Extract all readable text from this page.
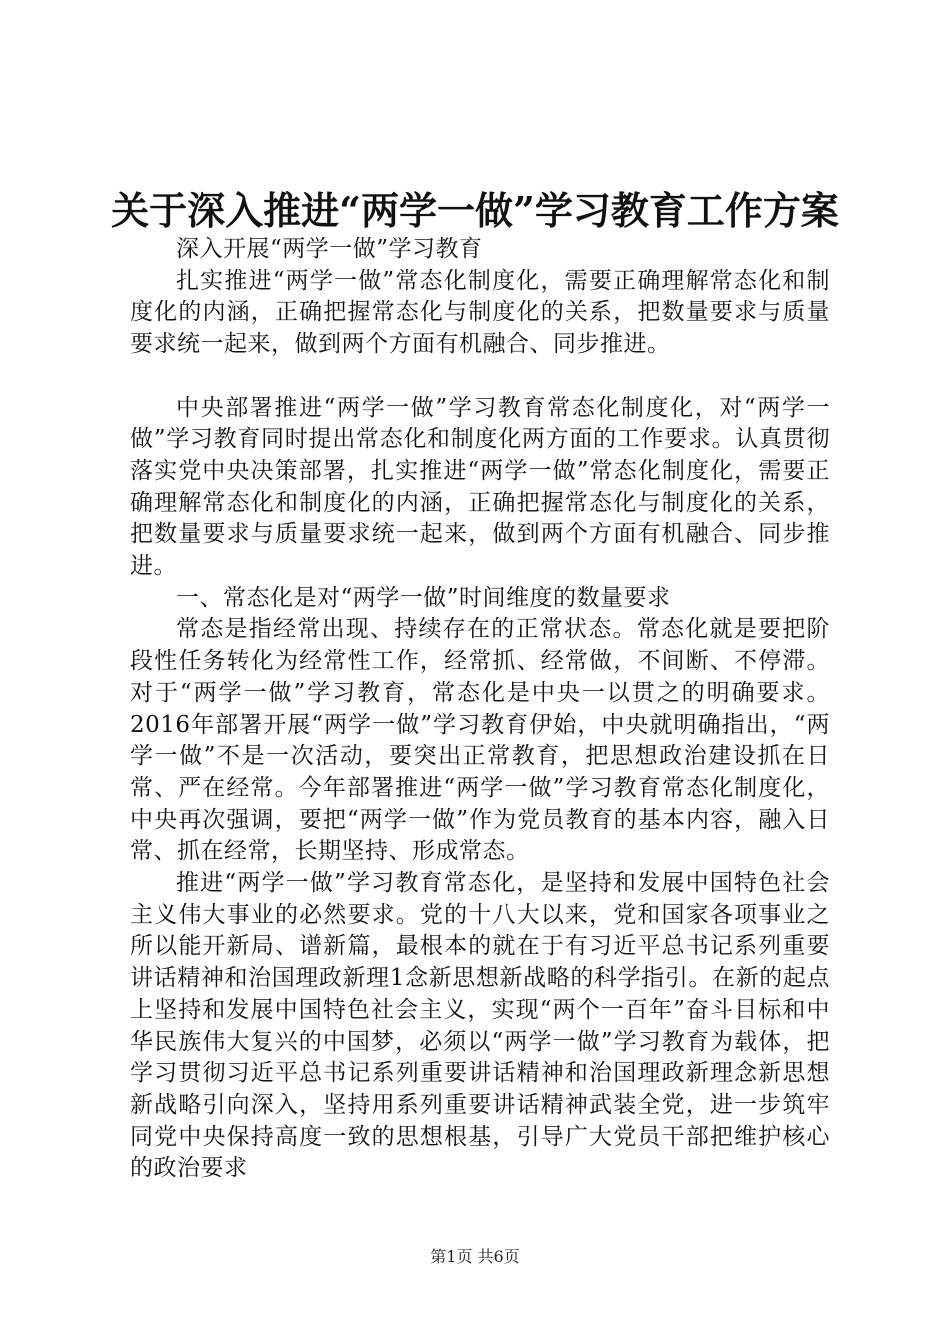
关于深入推进“两学一做”学习教育工作方案

深入开展“两学一做”学习教育

扎实推进“两学一做”常态化制度化，需要正确理解常态化和制度化的内涵，正确把握常态化与制度化的关系，把数量要求与质量要求统一起来，做到两个方面有机融合、同步推进。

中央部署推进“两学一做”学习教育常态化制度化，对“两学一做”学习教育同时提出常态化和制度化两方面的工作要求。认真贯彻落实党中央决策部署，扎实推进“两学一做”常态化制度化，需要正确理解常态化和制度化的内涵，正确把握常态化与制度化的关系，把数量要求与质量要求统一起来，做到两个方面有机融合、同步推进。

一、常态化是对“两学一做”时间维度的数量要求

常态是指经常出现、持续存在的正常状态。常态化就是要把阶段性任务转化为经常性工作，经常抓、经常做，不间断、不停滞。对于“两学一做”学习教育，常态化是中央一以贯之的明确要求。2016年部署开展“两学一做”学习教育伊始，中央就明确指出，“两学一做”不是一次活动，要突出正常教育，把思想政治建设抓在日常、严在经常。今年部署推进“两学一做”学习教育常态化制度化，中央再次强调，要把“两学一做”作为党员教育的基本内容，融入日常、抓在经常，长期坚持、形成常态。

推进“两学一做”学习教育常态化，是坚持和发展中国特色社会主义伟大事业的必然要求。党的十八大以来，党和国家各项事业之所以能开新局、谱新篇，最根本的就在于有习近平总书记系列重要讲话精神和治国理政新理1念新思想新战略的科学指引。在新的起点上坚持和发展中国特色社会主义，实现“两个一百年”奋斗目标和中华民族伟大复兴的中国梦，必须以“两学一做”学习教育为载体，把学习贯彻习近平总书记系列重要讲话精神和治国理政新理念新思想新战略引向深入，坚持用系列重要讲话精神武装全党，进一步筑牢同党中央保持高度一致的思想根基，引导广大党员干部把维护核心的政治要求

第1页 共6页
